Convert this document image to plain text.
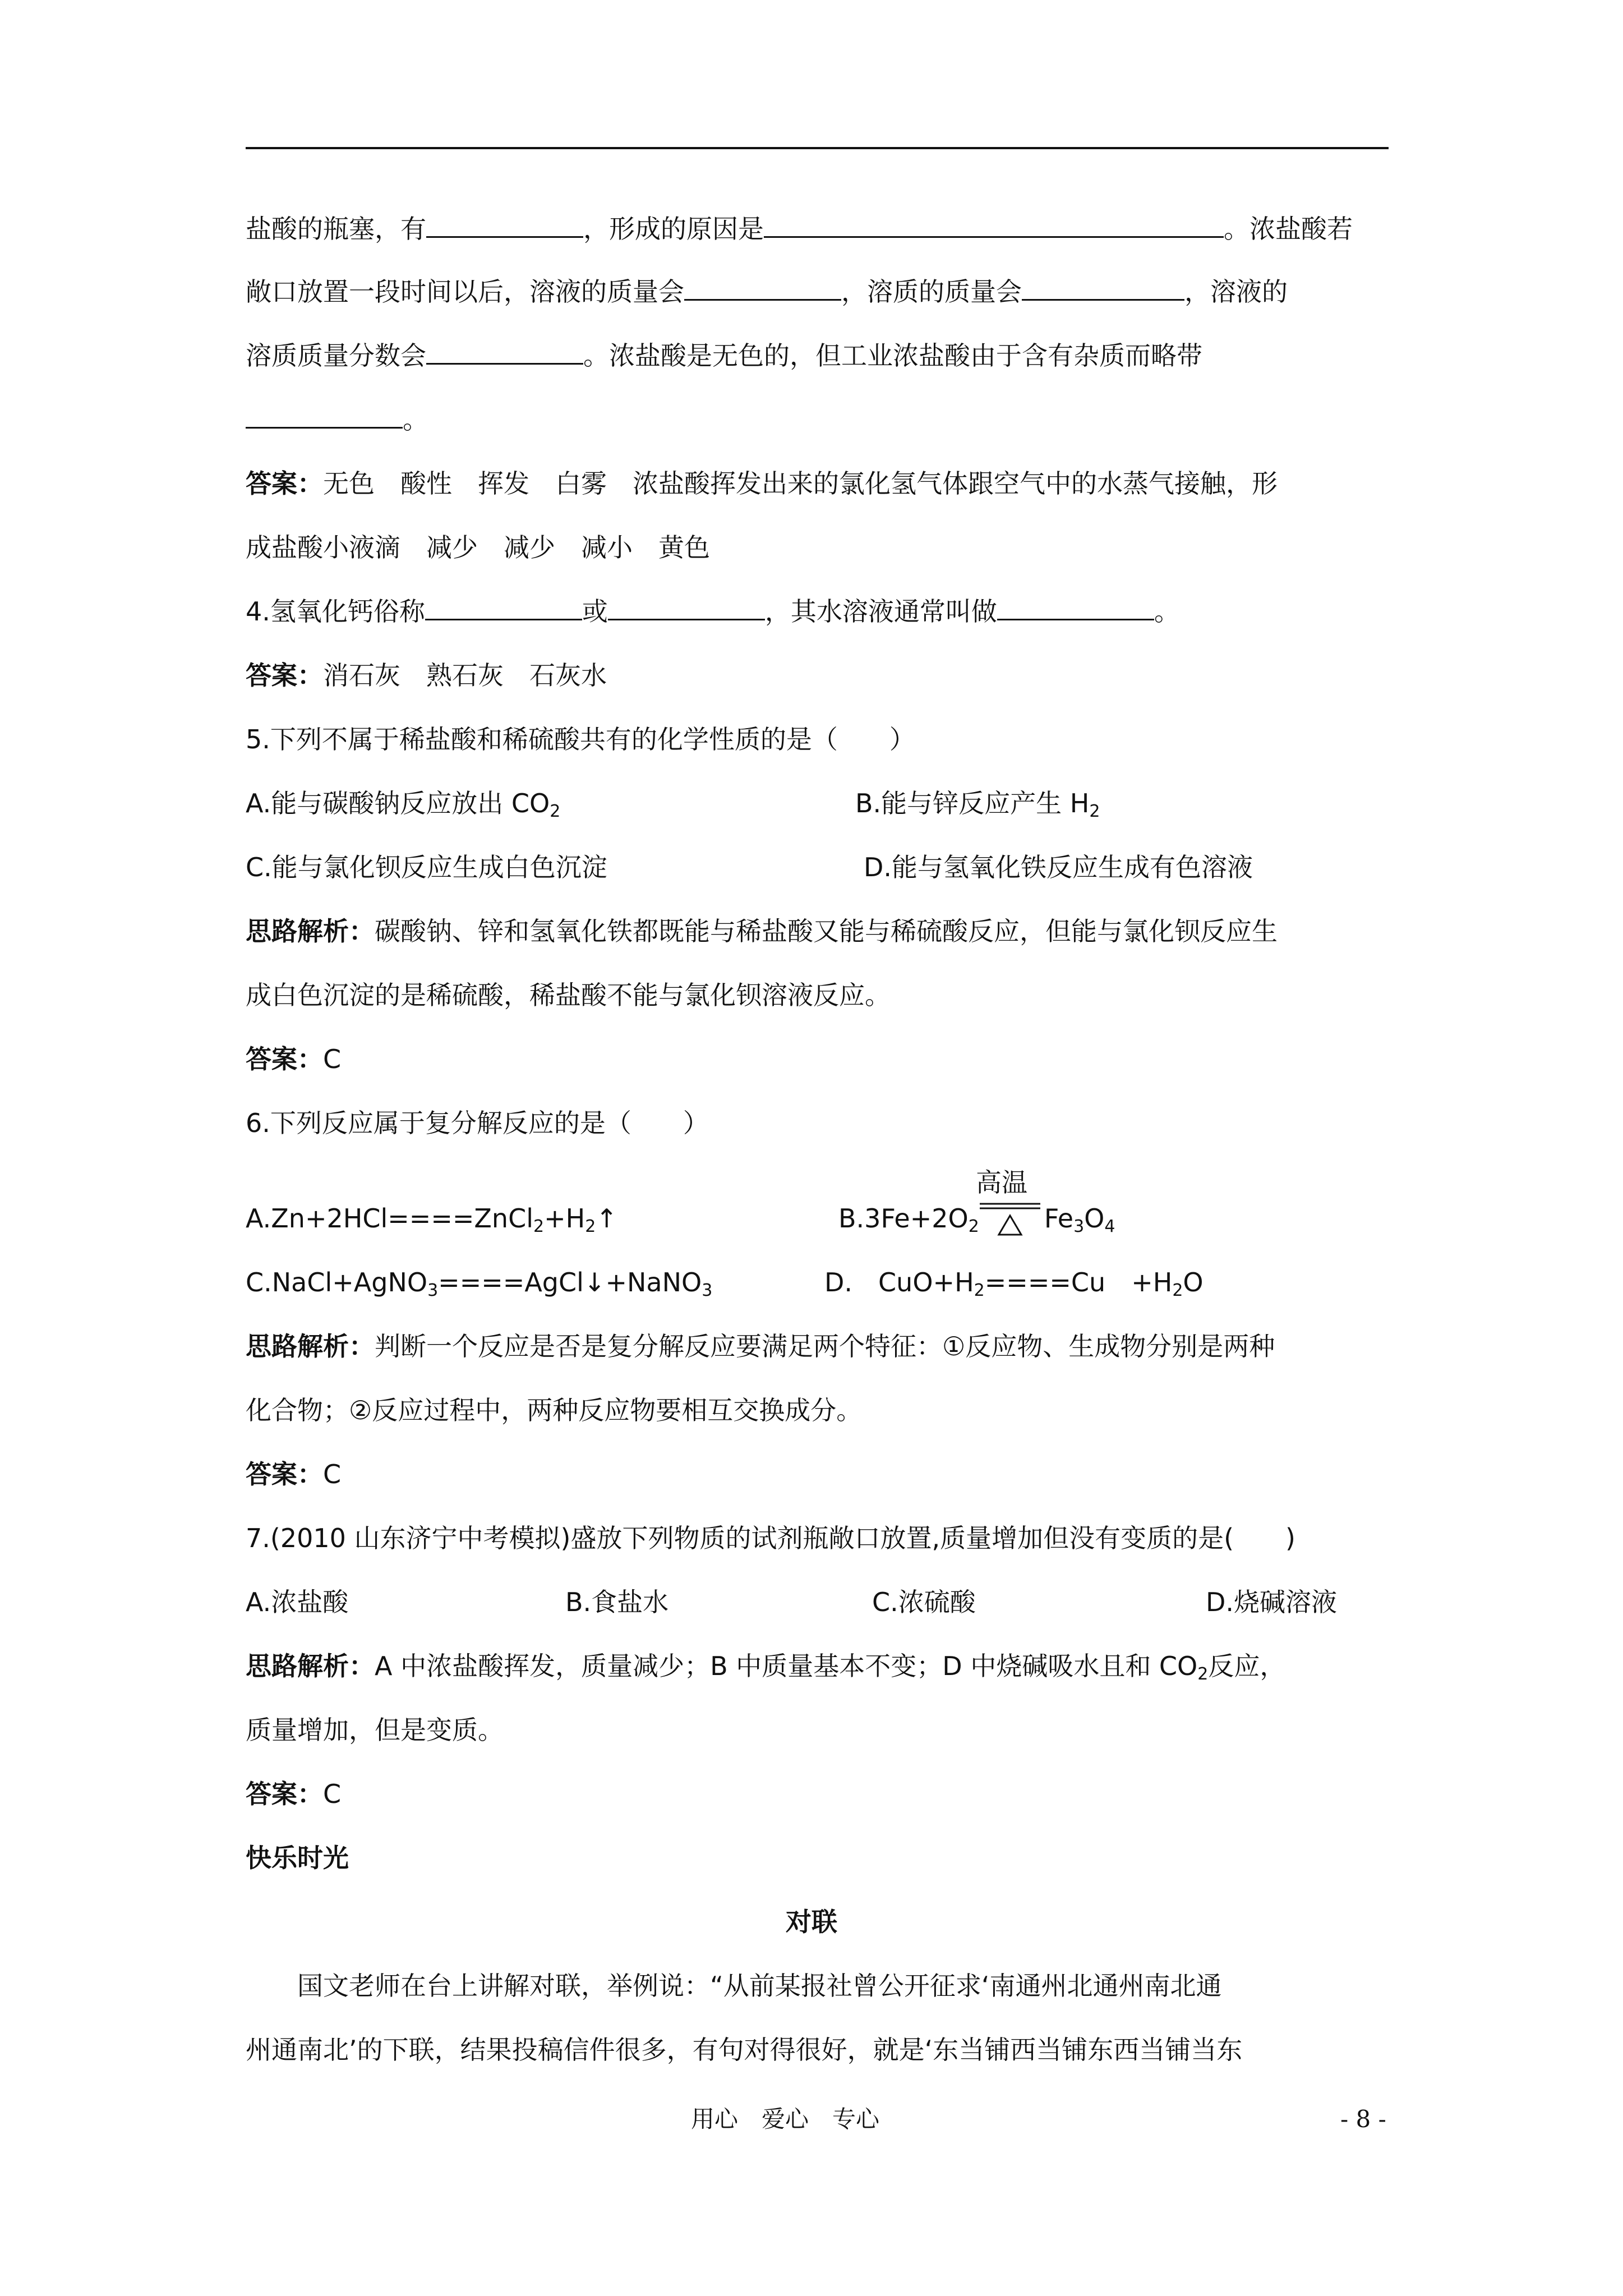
盐酸的瓶塞，有	，形成的原因是	。浓盐酸若
敞口放置一段时间以后，溶液的质量会	，溶质的质量会	，溶液的
溶质质量分数会	。浓盐酸是无色的，但工业浓盐酸由于含有杂质而略带
。
答案：无色　酸性　挥发　白雾　浓盐酸挥发出来的氯化氢气体跟空气中的水蒸气接触，形
成盐酸小液滴　减少　减少　减小　黄色
4.氢氧化钙俗称	或	，其水溶液通常叫做	。
答案：消石灰　熟石灰　石灰水
5.下列不属于稀盐酸和稀硫酸共有的化学性质的是（　　）
A.能与碳酸钠反应放出 $CO_2$	B.能与锌反应产生 $H_2$
C.能与氯化钡反应生成白色沉淀	D.能与氢氧化铁反应生成有色溶液
思路解析：碳酸钠、锌和氢氧化铁都既能与稀盐酸又能与稀硫酸反应，但能与氯化钡反应生
成白色沉淀的是稀硫酸，稀盐酸不能与氯化钡溶液反应。
答案：C
6.下列反应属于复分解反应的是（　　）
$A.Zn+2HCl====ZnCl_2+H_2↑$
高温
$B.3Fe+2O_2$	$Fe_3O_4$
C.NaCl+AgNO$_3$====AgCl↓+NaNO$_3$	D.　$CuO+H_2====Cu$　$+H_2O$
思路解析：判断一个反应是否是复分解反应要满足两个特征：①反应物、生成物分别是两种
化合物；②反应过程中，两种反应物要相互交换成分。
答案：C
7.(2010 山东济宁中考模拟)盛放下列物质的试剂瓶敞口放置,质量增加但没有变质的是(　　)
A.浓盐酸	B.食盐水	C.浓硫酸	D.烧碱溶液
思路解析：A 中浓盐酸挥发，质量减少；B 中质量基本不变；D 中烧碱吸水且和 $CO_2$反应，
质量增加，但是变质。
答案：C
快乐时光
对联
国文老师在台上讲解对联，举例说：“从前某报社曾公开征求‘南通州北通州南北通
州通南北’的下联，结果投稿信件很多，有句对得很好，就是‘东当铺西当铺东西当铺当东
用心　爱心　专心	- 8 -
